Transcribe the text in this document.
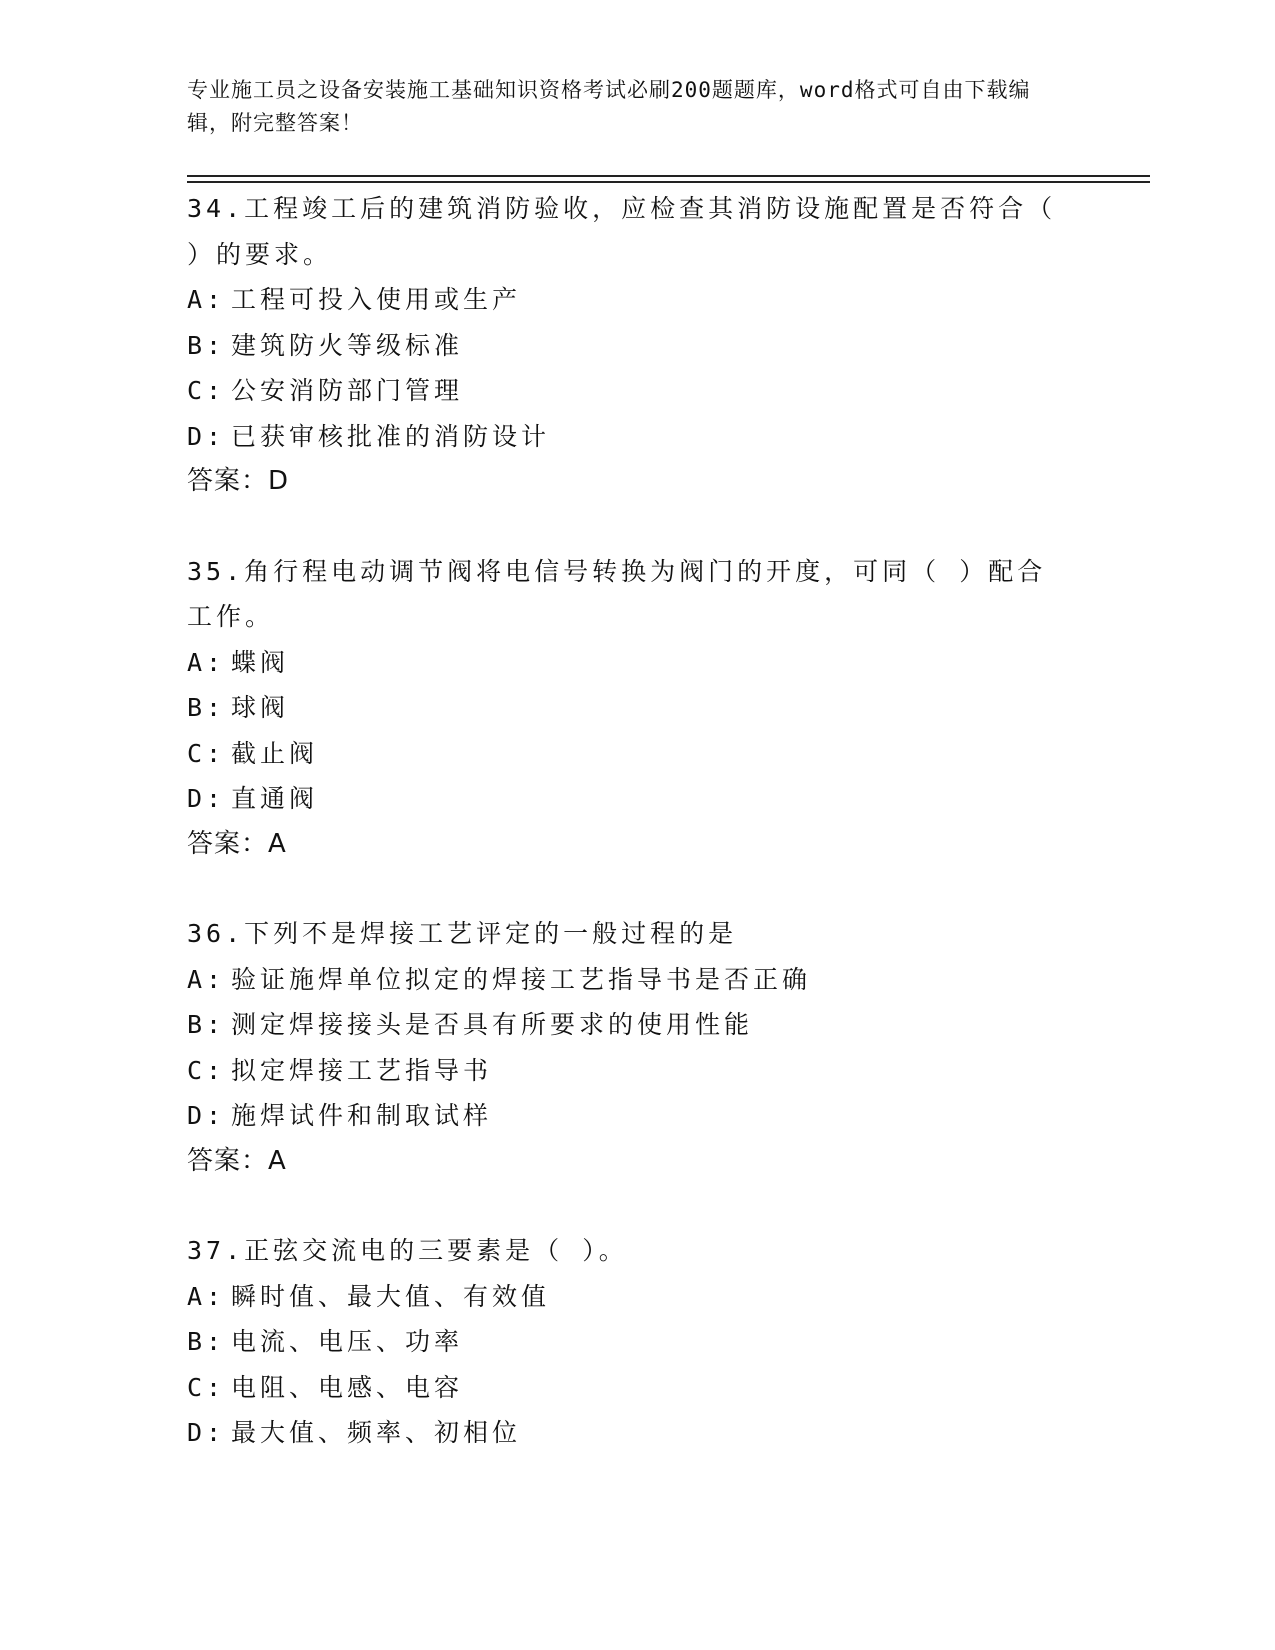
专业施工员之设备安装施工基础知识资格考试必刷200题题库，word格式可自由下载编辑，附完整答案！
34.工程竣工后的建筑消防验收，应检查其消防设施配置是否符合（ ）的要求。
A: 工程可投入使用或生产
B: 建筑防火等级标准
C: 公安消防部门管理
D: 已获审核批准的消防设计
答案：D
35.角行程电动调节阀将电信号转换为阀门的开度，可同（ ）配合工作。
A: 蝶阀
B: 球阀
C: 截止阀
D: 直通阀
答案：A
36.下列不是焊接工艺评定的一般过程的是
A: 验证施焊单位拟定的焊接工艺指导书是否正确
B: 测定焊接接头是否具有所要求的使用性能
C: 拟定焊接工艺指导书
D: 施焊试件和制取试样
答案：A
37.正弦交流电的三要素是（ ）。
A: 瞬时值、最大值、有效值
B: 电流、电压、功率
C: 电阻、电感、电容
D: 最大值、频率、初相位
